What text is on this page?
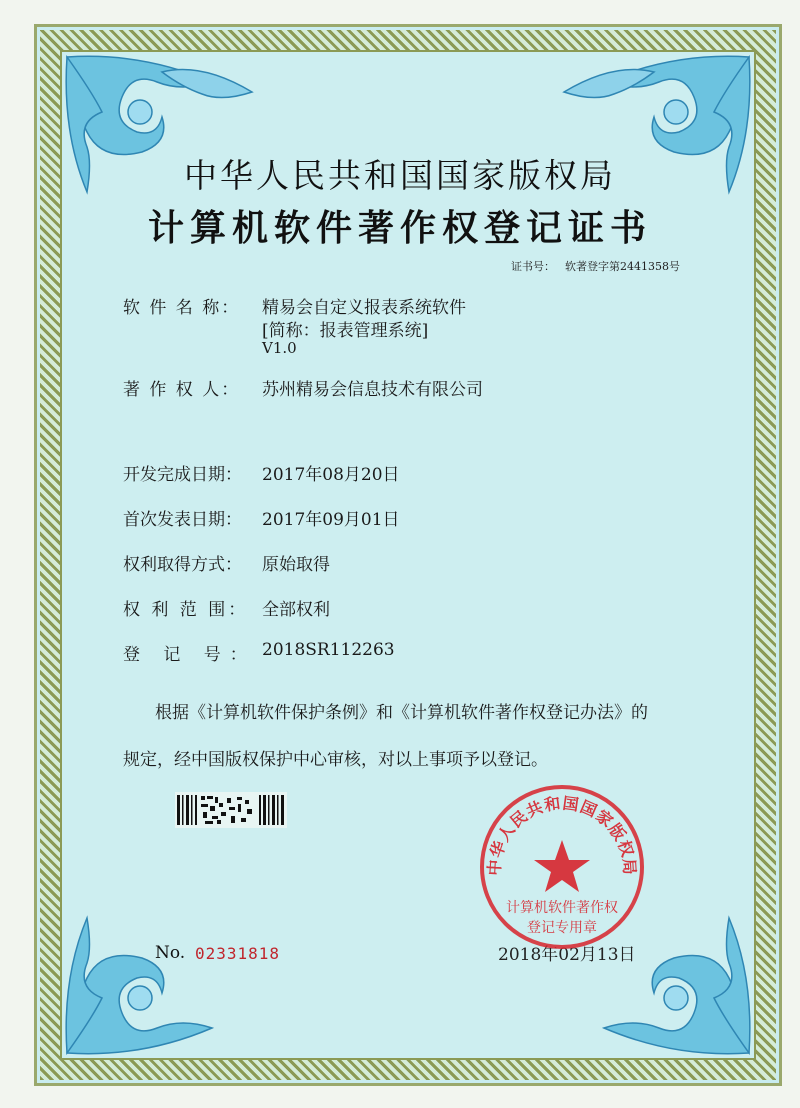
中华人民共和国国家版权局
计算机软件著作权登记证书
证书号： 软著登字第2441358号
软 件 名 称： 精易会自定义报表系统软件
[简称：报表管理系统]
V1.0
著 作 权 人： 苏州精易会信息技术有限公司
开发完成日期： 2017年08月20日
首次发表日期： 2017年09月01日
权利取得方式： 原始取得
权 利 范 围： 全部权利
登 记 号： 2018SR112263
根据《计算机软件保护条例》和《计算机软件著作权登记办法》的
规定，经中国版权保护中心审核，对以上事项予以登记。
No. 02331818	2018年02月13日
中华人民共和国国家版权局
计算机软件著作权
登记专用章
